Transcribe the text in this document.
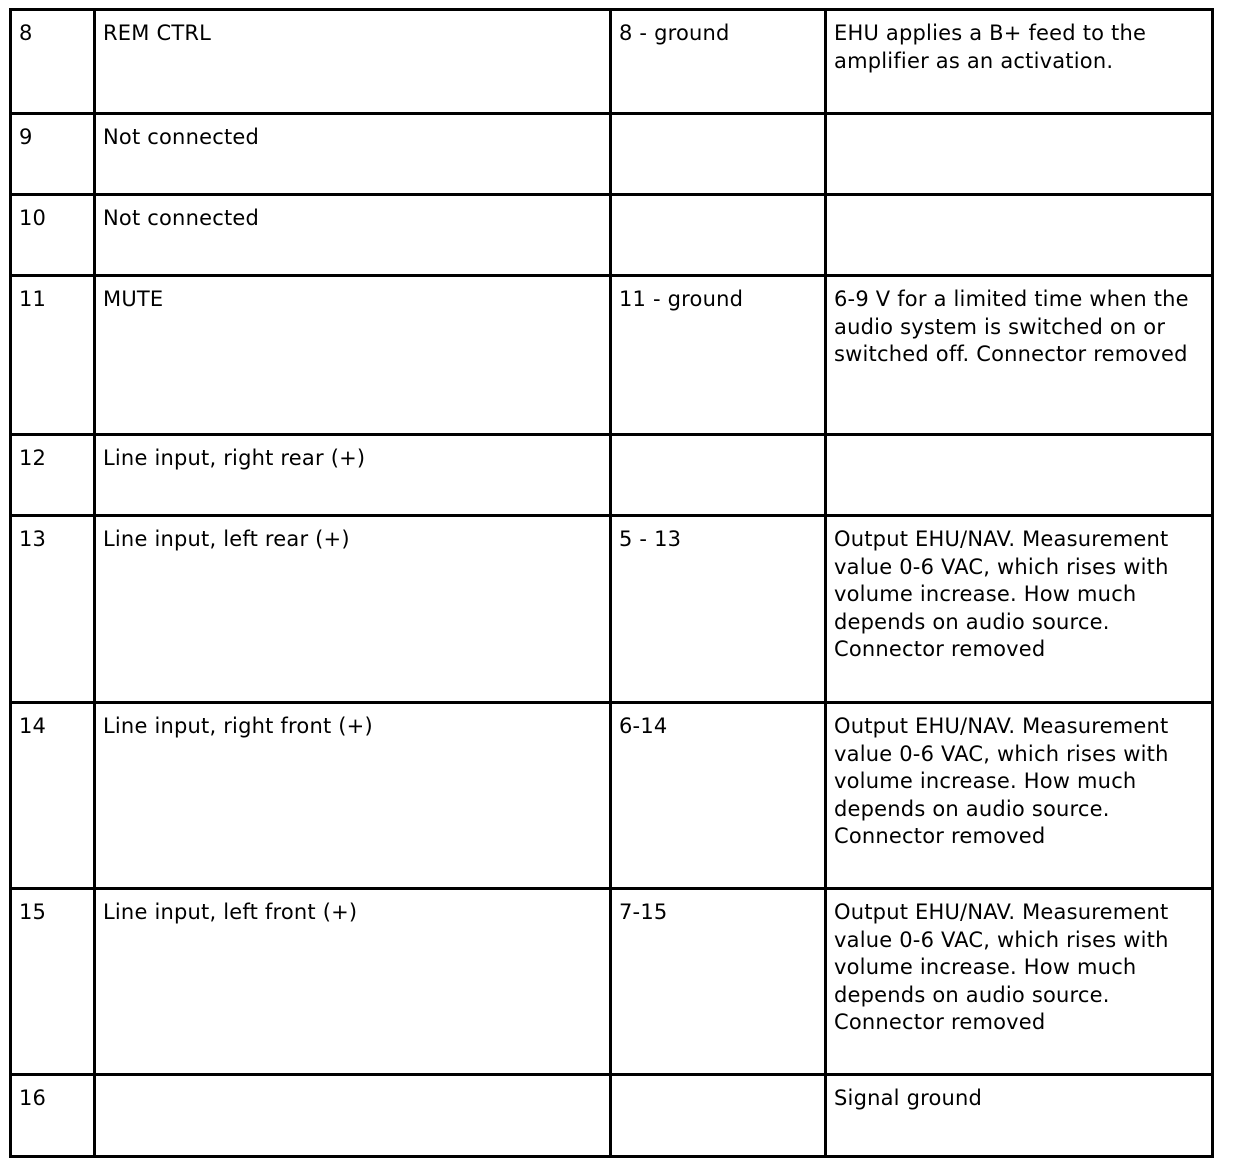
8	REM CTRL	8 - ground	EHU applies a B+ feed to the amplifier as an activation.
9	Not connected		
10	Not connected		
11	MUTE	11 - ground	6-9 V for a limited time when the audio system is switched on or switched off. Connector removed
12	Line input, right rear (+)		
13	Line input, left rear (+)	5 - 13	Output EHU/NAV. Measurement value 0-6 VAC, which rises with volume increase. How much depends on audio source. Connector removed
14	Line input, right front (+)	6-14	Output EHU/NAV. Measurement value 0-6 VAC, which rises with volume increase. How much depends on audio source. Connector removed
15	Line input, left front (+)	7-15	Output EHU/NAV. Measurement value 0-6 VAC, which rises with volume increase. How much depends on audio source. Connector removed
16			Signal ground
